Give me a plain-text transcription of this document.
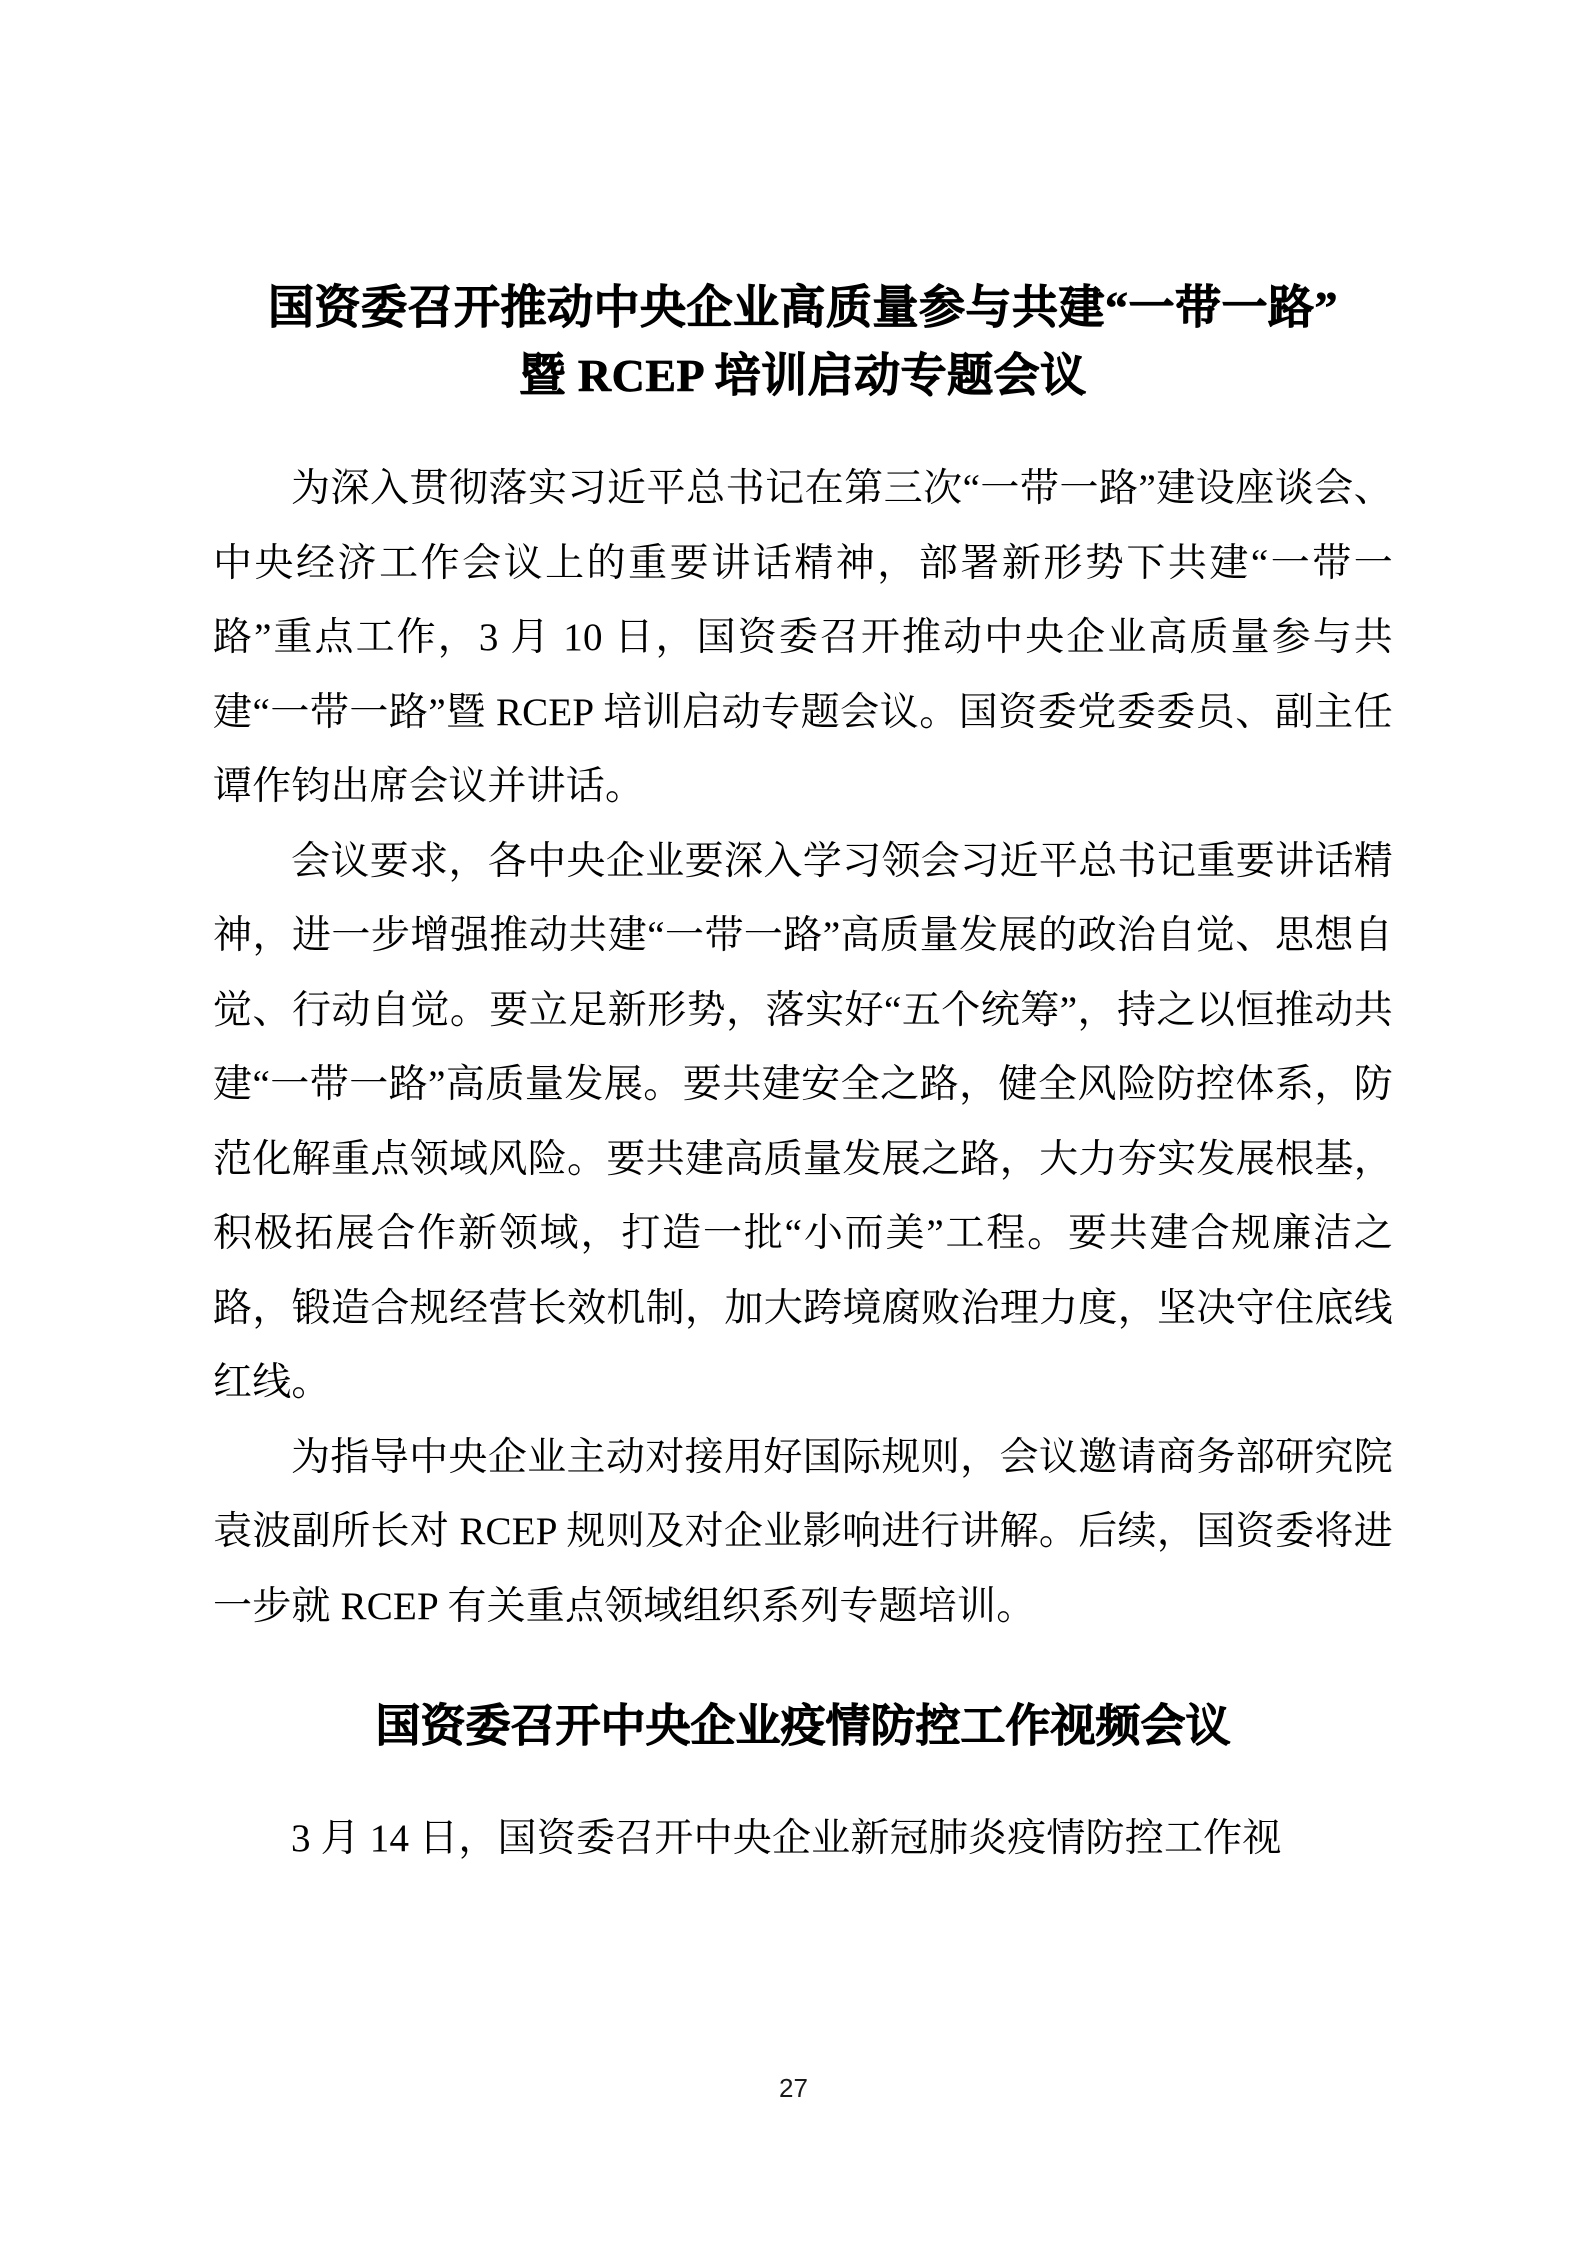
国资委召开推动中央企业高质量参与共建“一带一路”
暨 RCEP 培训启动专题会议

为深入贯彻落实习近平总书记在第三次“一带一路”建设座谈会、中央经济工作会议上的重要讲话精神，部署新形势下共建“一带一路”重点工作，3 月 10 日，国资委召开推动中央企业高质量参与共建“一带一路”暨 RCEP 培训启动专题会议。国资委党委委员、副主任谭作钧出席会议并讲话。

会议要求，各中央企业要深入学习领会习近平总书记重要讲话精神，进一步增强推动共建“一带一路”高质量发展的政治自觉、思想自觉、行动自觉。要立足新形势，落实好“五个统筹”，持之以恒推动共建“一带一路”高质量发展。要共建安全之路，健全风险防控体系，防范化解重点领域风险。要共建高质量发展之路，大力夯实发展根基，积极拓展合作新领域，打造一批“小而美”工程。要共建合规廉洁之路，锻造合规经营长效机制，加大跨境腐败治理力度，坚决守住底线红线。

为指导中央企业主动对接用好国际规则，会议邀请商务部研究院袁波副所长对 RCEP 规则及对企业影响进行讲解。后续，国资委将进一步就 RCEP 有关重点领域组织系列专题培训。

国资委召开中央企业疫情防控工作视频会议

3 月 14 日，国资委召开中央企业新冠肺炎疫情防控工作视

27
